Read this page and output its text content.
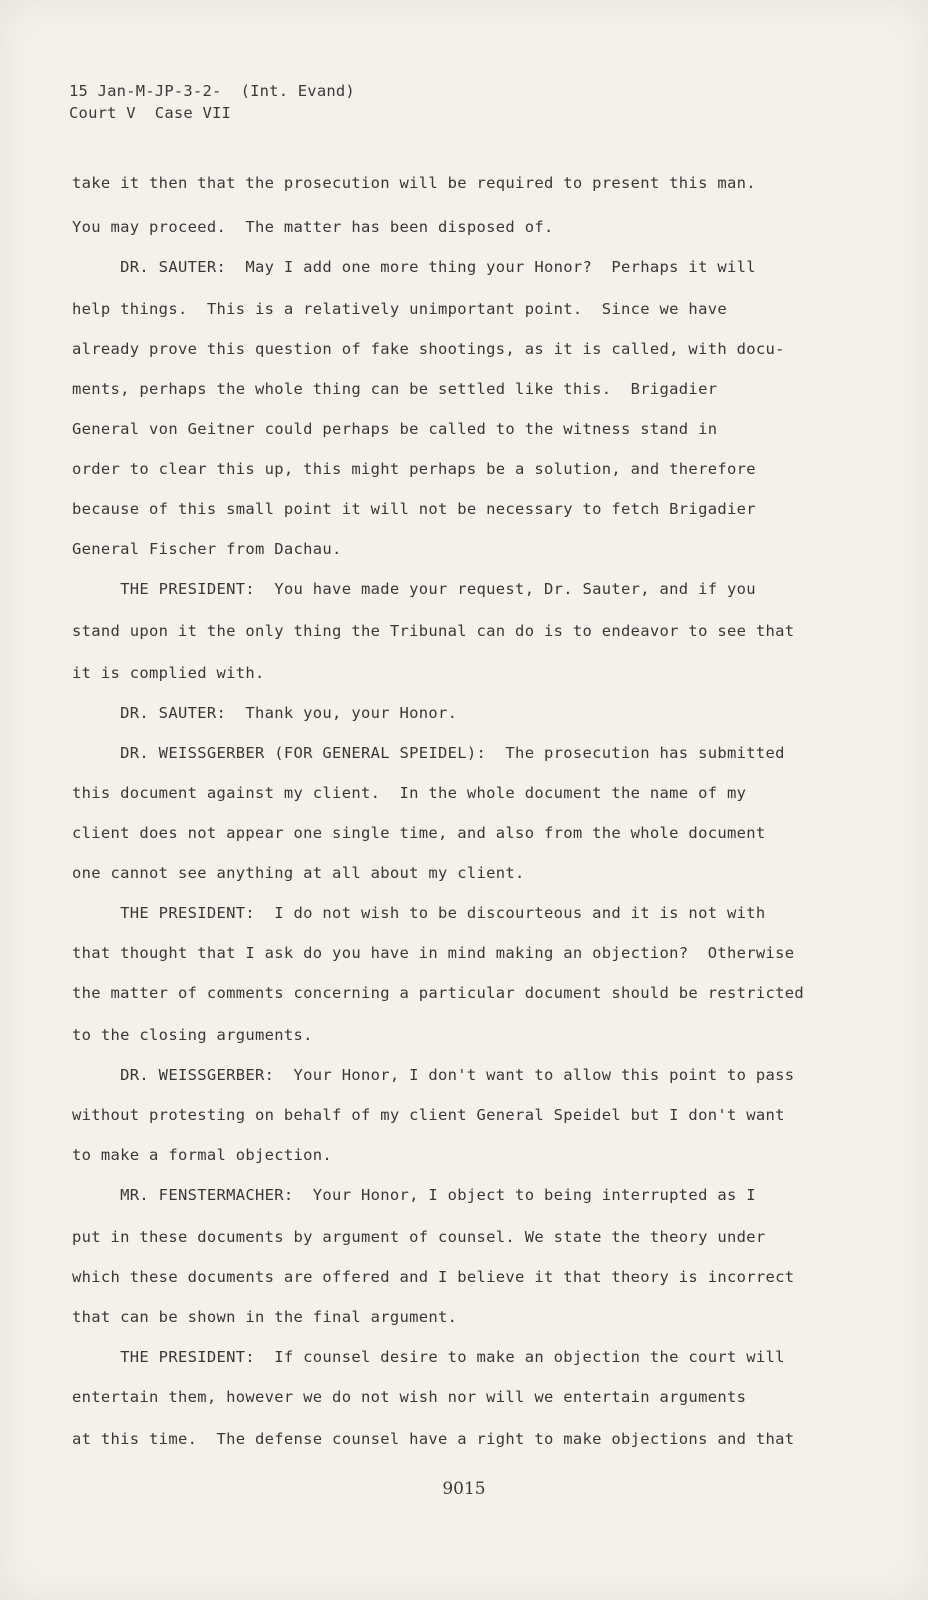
15 Jan-M-JP-3-2-  (Int. Evand)
Court V  Case VII
take it then that the prosecution will be required to present this man.
You may proceed.  The matter has been disposed of.
DR. SAUTER:  May I add one more thing your Honor?  Perhaps it will
help things.  This is a relatively unimportant point.  Since we have
already prove this question of fake shootings, as it is called, with docu-
ments, perhaps the whole thing can be settled like this.  Brigadier
General von Geitner could perhaps be called to the witness stand in
order to clear this up, this might perhaps be a solution, and therefore
because of this small point it will not be necessary to fetch Brigadier
General Fischer from Dachau.
THE PRESIDENT:  You have made your request, Dr. Sauter, and if you
stand upon it the only thing the Tribunal can do is to endeavor to see that
it is complied with.
DR. SAUTER:  Thank you, your Honor.
DR. WEISSGERBER (FOR GENERAL SPEIDEL):  The prosecution has submitted
this document against my client.  In the whole document the name of my
client does not appear one single time, and also from the whole document
one cannot see anything at all about my client.
THE PRESIDENT:  I do not wish to be discourteous and it is not with
that thought that I ask do you have in mind making an objection?  Otherwise
the matter of comments concerning a particular document should be restricted
to the closing arguments.
DR. WEISSGERBER:  Your Honor, I don't want to allow this point to pass
without protesting on behalf of my client General Speidel but I don't want
to make a formal objection.
MR. FENSTERMACHER:  Your Honor, I object to being interrupted as I
put in these documents by argument of counsel. We state the theory under
which these documents are offered and I believe it that theory is incorrect
that can be shown in the final argument.
THE PRESIDENT:  If counsel desire to make an objection the court will
entertain them, however we do not wish nor will we entertain arguments
at this time.  The defense counsel have a right to make objections and that
9015
